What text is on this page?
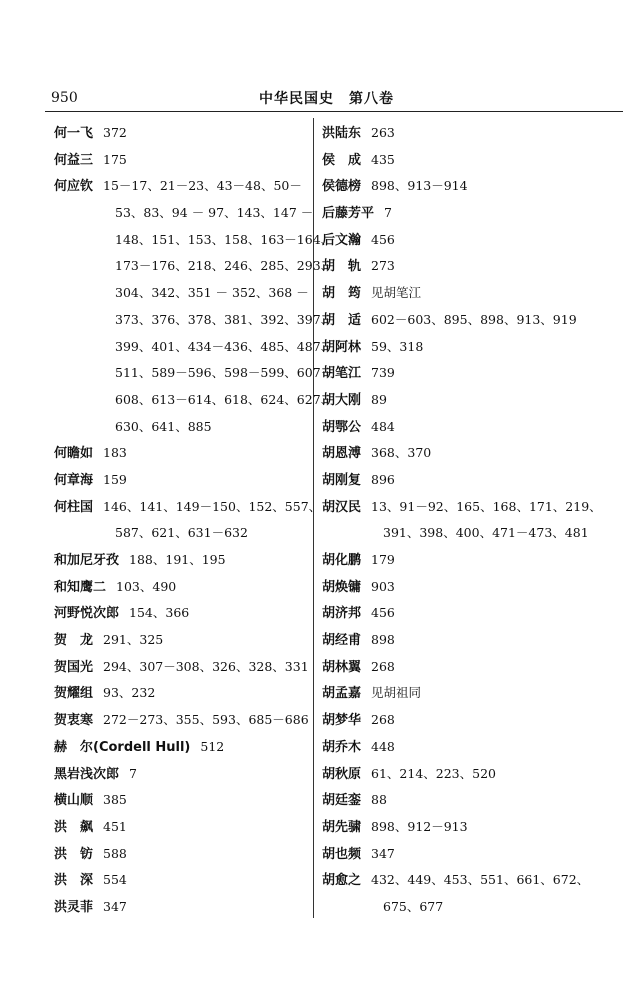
950	中华民国史　第八卷
何一飞 372
何益三 175
何应钦 15－17、21－23、43－48、50－
53、83、94 － 97、143、147 －
148、151、153、158、163－164、
173－176、218、246、285、293、
304、342、351 － 352、368 －
373、376、378、381、392、397、
399、401、434－436、485、487、
511、589－596、598－599、607－
608、613－614、618、624、627、
630、641、885
何瞻如 183
何章海 159
何柱国 146、141、149－150、152、557、
587、621、631－632
和加尼牙孜 188、191、195
和知鹰二 103、490
河野悦次郎 154、366
贺　龙 291、325
贺国光 294、307－308、326、328、331
贺耀组 93、232
贺衷寒 272－273、355、593、685－686
赫　尔(Cordell Hull) 512
黑岩浅次郎 7
横山顺 385
洪　飙 451
洪　钫 588
洪　深 554
洪灵菲 347
洪陆东 263
侯　成 435
侯德榜 898、913－914
后藤芳平 7
后文瀚 456
胡　轨 273
胡　筠 见胡笔江
胡　适 602－603、895、898、913、919
胡阿林 59、318
胡笔江 739
胡大刚 89
胡鄂公 484
胡恩溥 368、370
胡刚复 896
胡汉民 13、91－92、165、168、171、219、
391、398、400、471－473、481
胡化鹏 179
胡焕镛 903
胡济邦 456
胡经甫 898
胡林翼 268
胡孟嘉 见胡祖同
胡梦华 268
胡乔木 448
胡秋原 61、214、223、520
胡廷銮 88
胡先骕 898、912－913
胡也频 347
胡愈之 432、449、453、551、661、672、
675、677
